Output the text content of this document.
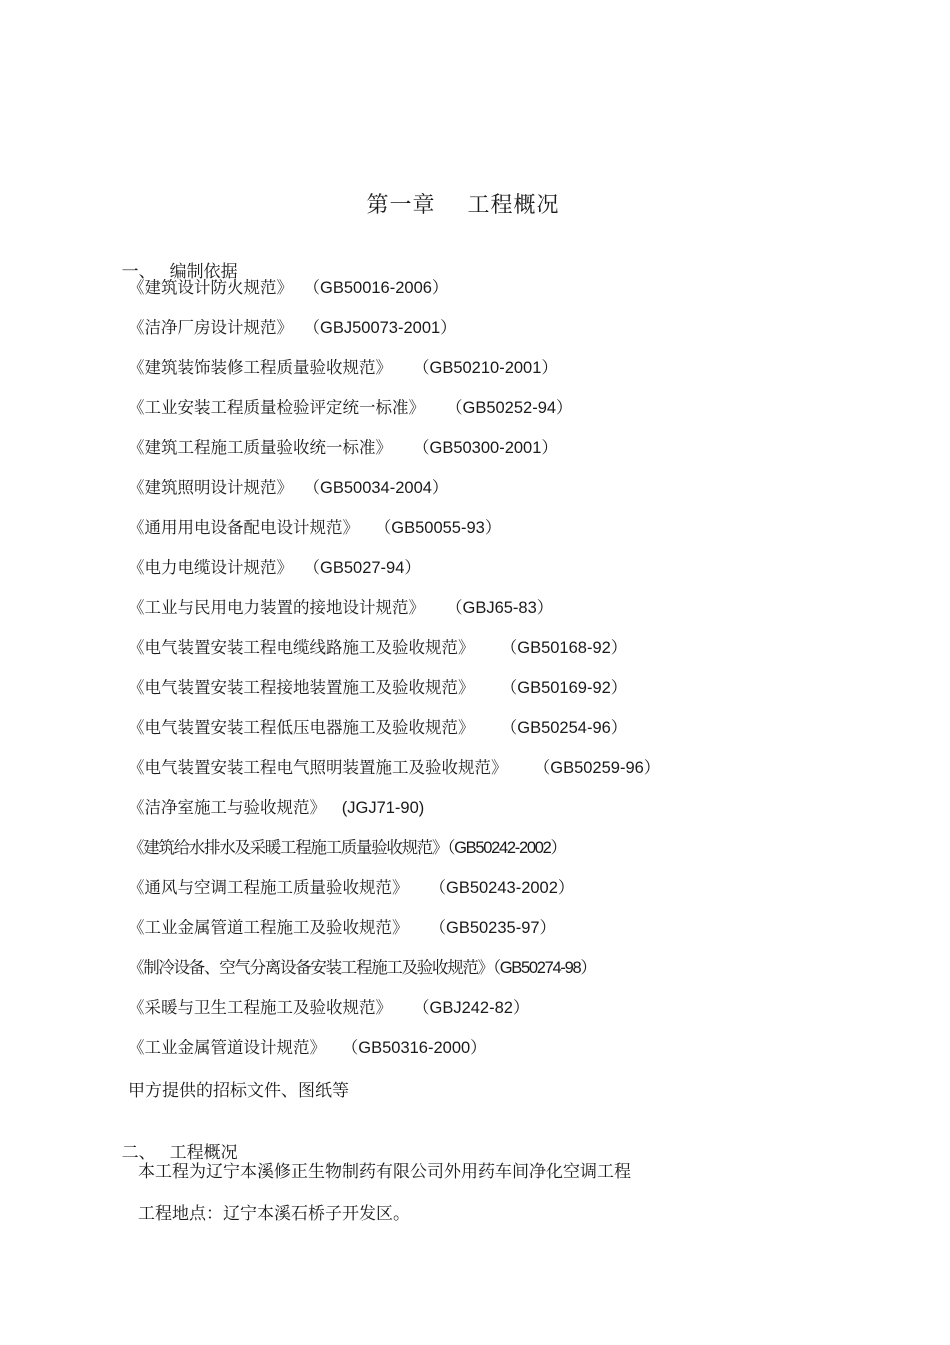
第一章    工程概况

一、 编制依据

《建筑设计防火规范》 （GB50016-2006）
《洁净厂房设计规范》 （GBJ50073-2001）
《建筑装饰装修工程质量验收规范》 （GB50210-2001）
《工业安装工程质量检验评定统一标准》 （GB50252-94）
《建筑工程施工质量验收统一标准》 （GB50300-2001）
《建筑照明设计规范》 （GB50034-2004）
《通用用电设备配电设计规范》 （GB50055-93）
《电力电缆设计规范》 （GB5027-94）
《工业与民用电力装置的接地设计规范》 （GBJ65-83）
《电气装置安装工程电缆线路施工及验收规范》 （GB50168-92）
《电气装置安装工程接地装置施工及验收规范》 （GB50169-92）
《电气装置安装工程低压电器施工及验收规范》 （GB50254-96）
《电气装置安装工程电气照明装置施工及验收规范》 （GB50259-96）
《洁净室施工与验收规范》 (JGJ71-90)
《建筑给水排水及采暖工程施工质量验收规范》（GB50242-2002）
《通风与空调工程施工质量验收规范》 （GB50243-2002）
《工业金属管道工程施工及验收规范》 （GB50235-97）
《制冷设备、空气分离设备安装工程施工及验收规范》（GB50274-98）
《采暖与卫生工程施工及验收规范》 （GBJ242-82）
《工业金属管道设计规范》 （GB50316-2000）
甲方提供的招标文件、图纸等

二、 工程概况

本工程为辽宁本溪修正生物制药有限公司外用药车间净化空调工程
工程地点：辽宁本溪石桥子开发区。
